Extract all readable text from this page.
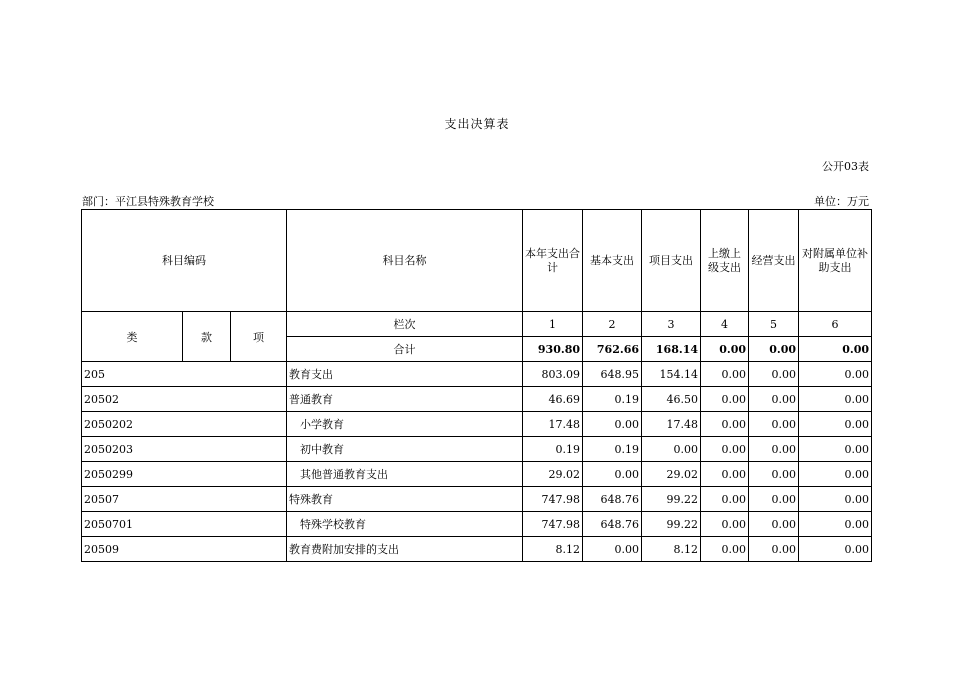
支出决算表
公开03表
部门：平江县特殊教育学校	单位：万元
科目编码			科目名称	本年支出合计	基本支出	项目支出	上缴上级支出	经营支出	对附属单位补助支出
类	款	项	栏次	1	2	3	4	5	6
			合计	930.80	762.66	168.14	0.00	0.00	0.00
205			教育支出	803.09	648.95	154.14	0.00	0.00	0.00
20502			普通教育	46.69	0.19	46.50	0.00	0.00	0.00
2050202			小学教育	17.48	0.00	17.48	0.00	0.00	0.00
2050203			初中教育	0.19	0.19	0.00	0.00	0.00	0.00
2050299			其他普通教育支出	29.02	0.00	29.02	0.00	0.00	0.00
20507			特殊教育	747.98	648.76	99.22	0.00	0.00	0.00
2050701			特殊学校教育	747.98	648.76	99.22	0.00	0.00	0.00
20509			教育费附加安排的支出	8.12	0.00	8.12	0.00	0.00	0.00
